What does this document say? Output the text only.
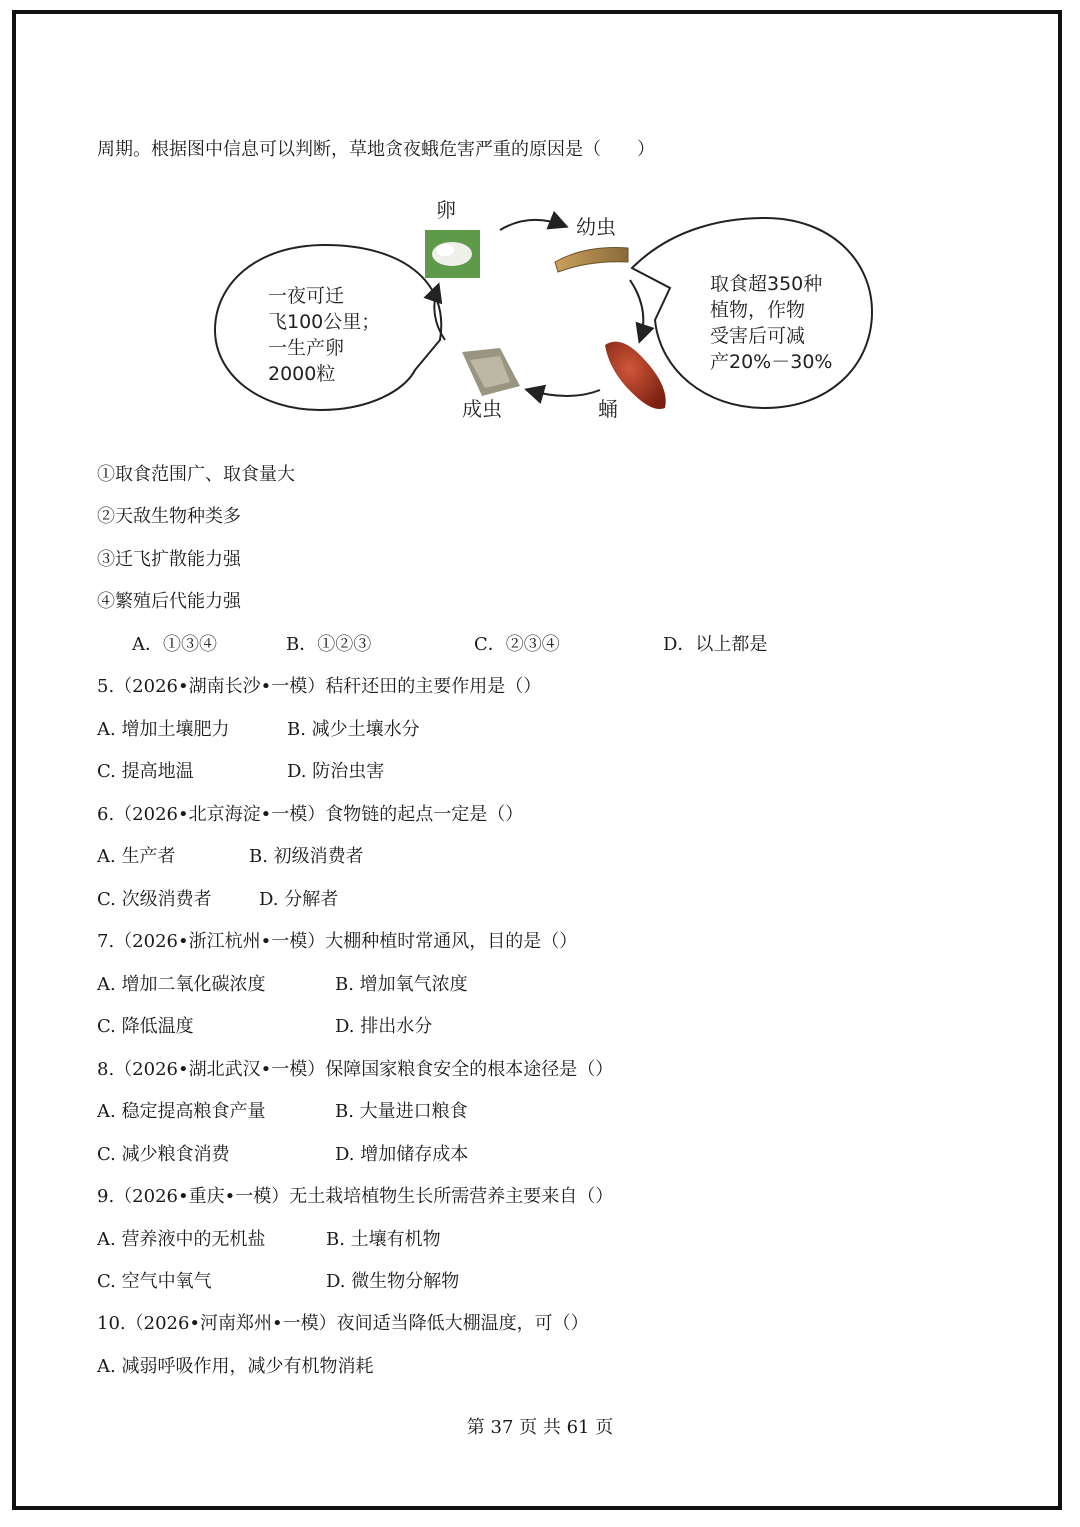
周期。根据图中信息可以判断，草地贪夜蛾危害严重的原因是（　　）
一夜可迁
飞100公里；
一生产卵
2000粒
取食超350种
植物，作物
受害后可减
产20%－30%
卵
幼虫
蛹
成虫
①取食范围广、取食量大
②天敌生物种类多
③迁飞扩散能力强
④繁殖后代能力强
A．①③④	B．①②③	C．②③④	D．以上都是
5.（2026•湖南长沙•一模）秸秆还田的主要作用是（）
A. 增加土壤肥力	B. 减少土壤水分
C. 提高地温	D. 防治虫害
6.（2026•北京海淀•一模）食物链的起点一定是（）
A. 生产者	B. 初级消费者
C. 次级消费者	D. 分解者
7.（2026•浙江杭州•一模）大棚种植时常通风，目的是（）
A. 增加二氧化碳浓度	B. 增加氧气浓度
C. 降低温度	D. 排出水分
8.（2026•湖北武汉•一模）保障国家粮食安全的根本途径是（）
A. 稳定提高粮食产量	B. 大量进口粮食
C. 减少粮食消费	D. 增加储存成本
9.（2026•重庆•一模）无土栽培植物生长所需营养主要来自（）
A. 营养液中的无机盐	B. 土壤有机物
C. 空气中氧气	D. 微生物分解物
10.（2026•河南郑州•一模）夜间适当降低大棚温度，可（）
A. 减弱呼吸作用，减少有机物消耗
第 37 页 共 61 页
